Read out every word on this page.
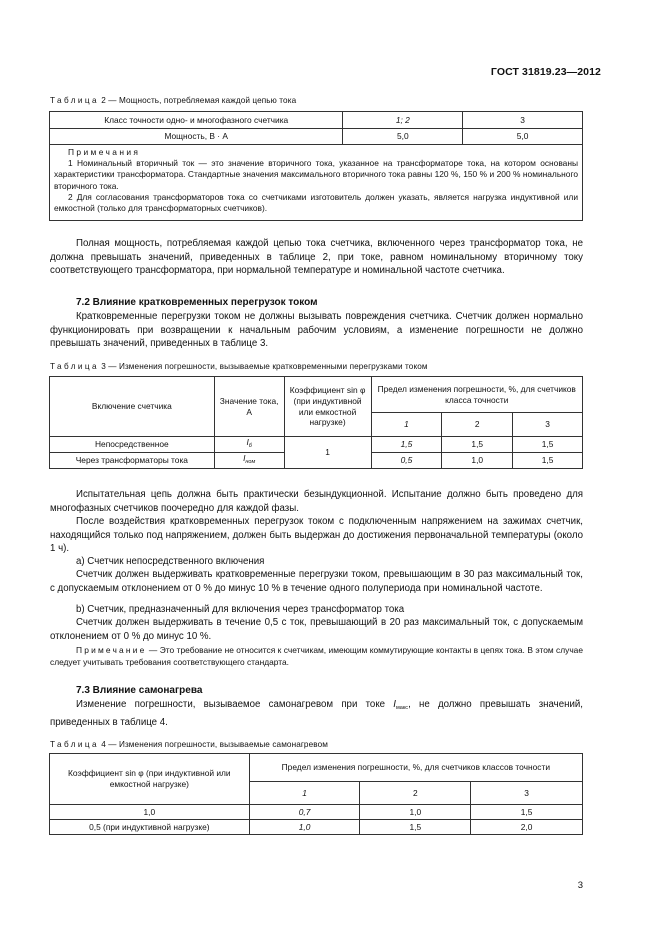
ГОСТ 31819.23—2012
Таблица 2 — Мощность, потребляемая каждой цепью тока
Класс точности одно- и многофазного счетчика	1; 2	3
Мощность, В · А	5,0	5,0

Примечания
1 Номинальный вторичный ток — это значение вторичного тока, указанное на трансформаторе тока, на котором основаны характеристики трансформатора. Стандартные значения максимального вторичного тока равны 120 %, 150 % и 200 % номинального вторичного тока.
2 Для согласования трансформаторов тока со счетчиками изготовитель должен указать, является нагрузка индуктивной или емкостной (только для трансформаторных счетчиков).		
Полная мощность, потребляемая каждой цепью тока счетчика, включенного через трансформатор тока, не должна превышать значений, приведенных в таблице 2, при токе, равном номинальному вторичному току соответствующего трансформатора, при нормальной температуре и номинальной частоте счетчика.
7.2 Влияние кратковременных перегрузок током
Кратковременные перегрузки током не должны вызывать повреждения счетчика. Счетчик должен нормально функционировать при возвращении к начальным рабочим условиям, а изменение погрешности не должно превышать значений, приведенных в таблице 3.
Таблица 3 — Изменения погрешности, вызываемые кратковременными перегрузками током
Включение счетчика	Значение тока, А	Коэффициент sin φ (при индуктивной или емкостной нагрузке)	Предел изменения погрешности, %, для счетчиков класса точности		
			1	2	3
Непосредственное	$I_б$	1	1,5	1,5	1,5
Через трансформаторы тока	$I_{ном}$		0,5	1,0	1,5
Испытательная цепь должна быть практически безындукционной. Испытание должно быть проведено для многофазных счетчиков поочередно для каждой фазы.
После воздействия кратковременных перегрузок током с подключенным напряжением на зажимах счетчик, находящийся только под напряжением, должен быть выдержан до достижения первоначальной температуры (около 1 ч).
a) Счетчик непосредственного включения
Счетчик должен выдерживать кратковременные перегрузки током, превышающим в 30 раз максимальный ток, с допускаемым отклонением от 0 % до минус 10 % в течение одного полупериода при номинальной частоте.
b) Счетчик, предназначенный для включения через трансформатор тока
Счетчик должен выдерживать в течение 0,5 с ток, превышающий в 20 раз максимальный ток, с допускаемым отклонением от 0 % до минус 10 %.
Примечание — Это требование не относится к счетчикам, имеющим коммутирующие контакты в цепях тока. В этом случае следует учитывать требования соответствующего стандарта.
7.3 Влияние самонагрева
Изменение погрешности, вызываемое самонагревом при токе $I_{макс}$, не должно превышать значений, приведенных в таблице 4.
Таблица 4 — Изменения погрешности, вызываемые самонагревом
Коэффициент sin φ (при индуктивной или емкостной нагрузке)	Предел изменения погрешности, %, для счетчиков классов точности		
	1	2	3
1,0	0,7	1,0	1,5
0,5 (при индуктивной нагрузке)	1,0	1,5	2,0
3
